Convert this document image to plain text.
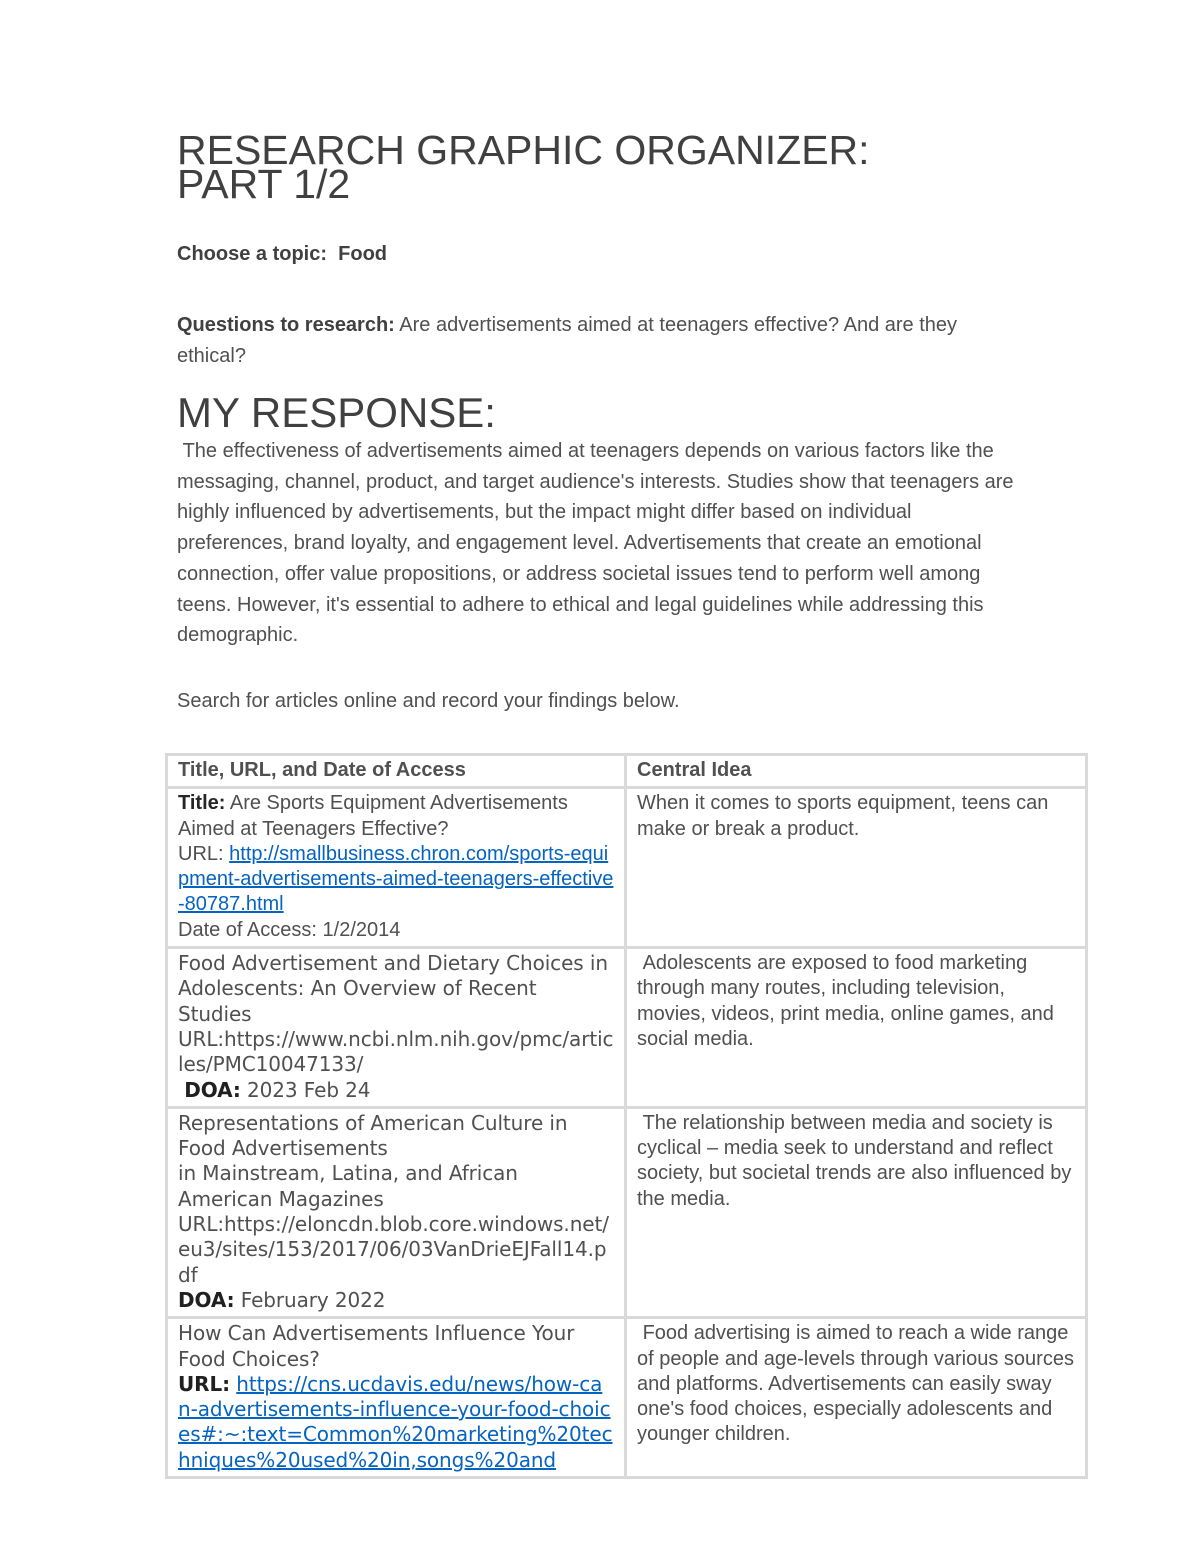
RESEARCH GRAPHIC ORGANIZER:
PART 1/2
Choose a topic: Food
Questions to research: Are advertisements aimed at teenagers effective? And are they ethical?
MY RESPONSE:
The effectiveness of advertisements aimed at teenagers depends on various factors like the messaging, channel, product, and target audience's interests. Studies show that teenagers are highly influenced by advertisements, but the impact might differ based on individual preferences, brand loyalty, and engagement level. Advertisements that create an emotional connection, offer value propositions, or address societal issues tend to perform well among teens. However, it's essential to adhere to ethical and legal guidelines while addressing this demographic.
Search for articles online and record your findings below.
Title, URL, and Date of Access	Central Idea
Title: Are Sports Equipment Advertisements Aimed at Teenagers Effective?
URL: http://smallbusiness.chron.com/sports-equipment-advertisements-aimed-teenagers-effective-80787.html
Date of Access: 1/2/2014	When it comes to sports equipment, teens can make or break a product.
Food Advertisement and Dietary Choices in Adolescents: An Overview of Recent Studies
URL:https://www.ncbi.nlm.nih.gov/pmc/articles/PMC10047133/
DOA: 2023 Feb 24	Adolescents are exposed to food marketing through many routes, including television, movies, videos, print media, online games, and social media.
Representations of American Culture in Food Advertisements
in Mainstream, Latina, and African American Magazines
URL:https://eloncdn.blob.core.windows.net/eu3/sites/153/2017/06/03VanDrieEJFall14.pdf
DOA: February 2022	The relationship between media and society is cyclical – media seek to understand and reflect society, but societal trends are also influenced by the media.
How Can Advertisements Influence Your Food Choices?
URL: https://cns.ucdavis.edu/news/how-can-advertisements-influence-your-food-choices#:~:text=Common%20marketing%20techniques%20used%20in,songs%20and	Food advertising is aimed to reach a wide range of people and age-levels through various sources and platforms. Advertisements can easily sway one's food choices, especially adolescents and younger children.
